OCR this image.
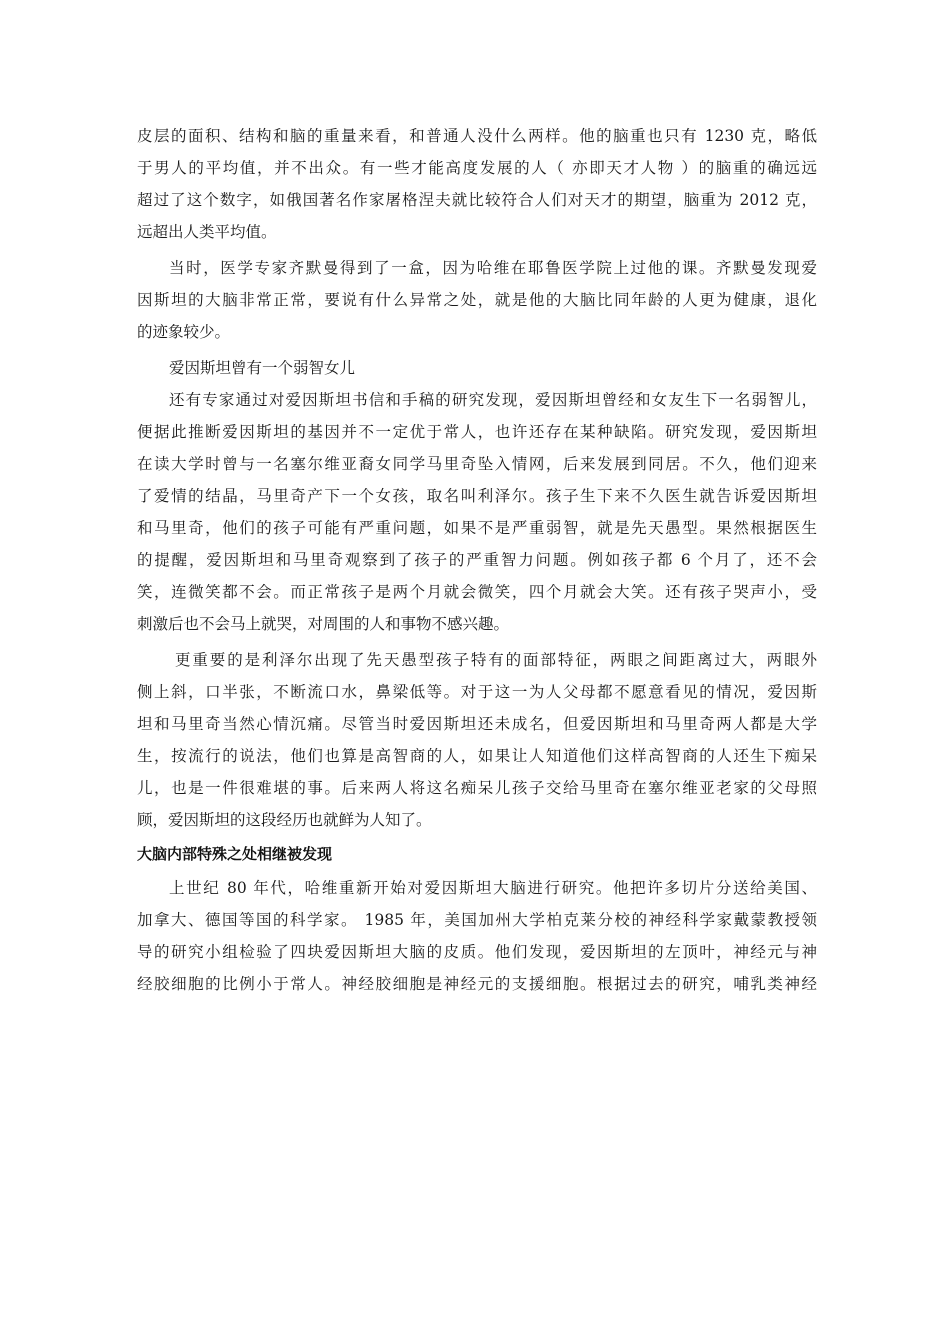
皮层的面积、结构和脑的重量来看，和普通人没什么两样。他的脑重也只有 1230 克，略低
于男人的平均值，并不出众。有一些才能高度发展的人（ 亦即天才人物 ）的脑重的确远远
超过了这个数字，如俄国著名作家屠格涅夫就比较符合人们对天才的期望，脑重为 2012 克，
远超出人类平均值。
当时，医学专家齐默曼得到了一盒，因为哈维在耶鲁医学院上过他的课。齐默曼发现爱
因斯坦的大脑非常正常，要说有什么异常之处，就是他的大脑比同年龄的人更为健康，退化
的迹象较少。
爱因斯坦曾有一个弱智女儿
还有专家通过对爱因斯坦书信和手稿的研究发现，爱因斯坦曾经和女友生下一名弱智儿，
便据此推断爱因斯坦的基因并不一定优于常人，也许还存在某种缺陷。研究发现，爱因斯坦
在读大学时曾与一名塞尔维亚裔女同学马里奇坠入情网，后来发展到同居。不久，他们迎来
了爱情的结晶，马里奇产下一个女孩，取名叫利泽尔。孩子生下来不久医生就告诉爱因斯坦
和马里奇，他们的孩子可能有严重问题，如果不是严重弱智，就是先天愚型。果然根据医生
的提醒，爱因斯坦和马里奇观察到了孩子的严重智力问题。例如孩子都 6 个月了，还不会
笑，连微笑都不会。而正常孩子是两个月就会微笑，四个月就会大笑。还有孩子哭声小，受
刺激后也不会马上就哭，对周围的人和事物不感兴趣。
更重要的是利泽尔出现了先天愚型孩子特有的面部特征，两眼之间距离过大，两眼外
侧上斜，口半张，不断流口水，鼻梁低等。对于这一为人父母都不愿意看见的情况，爱因斯
坦和马里奇当然心情沉痛。尽管当时爱因斯坦还未成名，但爱因斯坦和马里奇两人都是大学
生，按流行的说法，他们也算是高智商的人，如果让人知道他们这样高智商的人还生下痴呆
儿，也是一件很难堪的事。后来两人将这名痴呆儿孩子交给马里奇在塞尔维亚老家的父母照
顾，爱因斯坦的这段经历也就鲜为人知了。
大脑内部特殊之处相继被发现
上世纪 80 年代，哈维重新开始对爱因斯坦大脑进行研究。他把许多切片分送给美国、
加拿大、德国等国的科学家。 1985 年，美国加州大学柏克莱分校的神经科学家戴蒙教授领
导的研究小组检验了四块爱因斯坦大脑的皮质。他们发现，爱因斯坦的左顶叶，神经元与神
经胶细胞的比例小于常人。神经胶细胞是神经元的支援细胞。根据过去的研究，哺乳类神经
